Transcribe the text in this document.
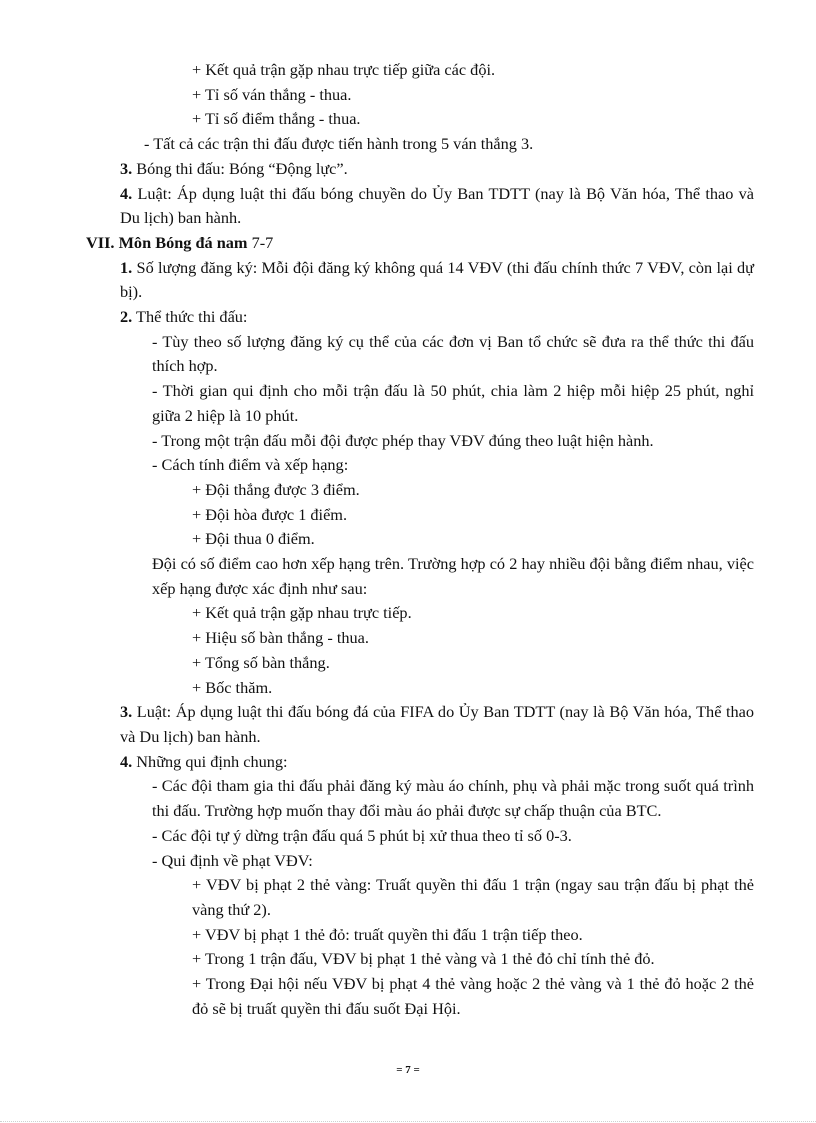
+ Kết quả trận gặp nhau trực tiếp giữa các đội.

+ Tỉ số ván thắng - thua.

+ Tỉ số điểm thắng - thua.

- Tất cả các trận thi đấu được tiến hành trong 5 ván thắng 3.

3. Bóng thi đấu: Bóng “Động lực”.

4. Luật: Áp dụng luật thi đấu bóng chuyền do Ủy Ban TDTT (nay là Bộ Văn hóa, Thể thao và Du lịch) ban hành.

VII. Môn Bóng đá nam 7-7

1. Số lượng đăng ký: Mỗi đội đăng ký không quá 14 VĐV (thi đấu chính thức 7 VĐV, còn lại dự bị).

2. Thể thức thi đấu:

- Tùy theo số lượng đăng ký cụ thể của các đơn vị Ban tổ chức sẽ đưa ra thể thức thi đấu thích hợp.

- Thời gian qui định cho mỗi trận đấu là 50 phút, chia làm 2 hiệp mỗi hiệp 25 phút, nghỉ giữa 2 hiệp là 10 phút.

- Trong một trận đấu mỗi đội được phép thay VĐV đúng theo luật hiện hành.

- Cách tính điểm và xếp hạng:

+ Đội thắng được 3 điểm.

+ Đội hòa được 1 điểm.

+ Đội thua 0 điểm.

Đội có số điểm cao hơn xếp hạng trên. Trường hợp có 2 hay nhiều đội bằng điểm nhau, việc xếp hạng được xác định như sau:

+ Kết quả trận gặp nhau trực tiếp.

+ Hiệu số bàn thắng - thua.

+ Tổng số bàn thắng.

+ Bốc thăm.

3. Luật: Áp dụng luật thi đấu bóng đá của FIFA do Ủy Ban TDTT (nay là Bộ Văn hóa, Thể thao và Du lịch) ban hành.

4. Những qui định chung:

- Các đội tham gia thi đấu phải đăng ký màu áo chính, phụ và phải mặc trong suốt quá trình thi đấu. Trường hợp muốn thay đổi màu áo phải được sự chấp thuận của BTC.

- Các đội tự ý dừng trận đấu quá 5 phút bị xử thua theo tỉ số 0-3.

- Qui định về phạt VĐV:

+ VĐV bị phạt 2 thẻ vàng: Truất quyền thi đấu 1 trận (ngay sau trận đấu bị phạt thẻ vàng thứ 2).

+ VĐV bị phạt 1 thẻ đỏ: truất quyền thi đấu 1 trận tiếp theo.

+ Trong 1 trận đấu, VĐV bị phạt 1 thẻ vàng và 1 thẻ đỏ chỉ tính thẻ đỏ.

+ Trong Đại hội nếu VĐV bị phạt 4 thẻ vàng hoặc 2 thẻ vàng và 1 thẻ đỏ hoặc 2 thẻ đỏ sẽ bị truất quyền thi đấu suốt Đại Hội.

= 7 =
